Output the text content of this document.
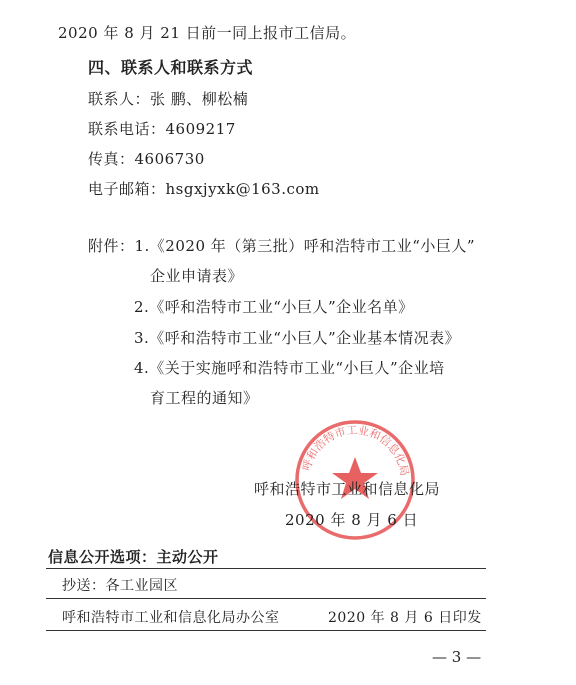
2020 年 8 月 21 日前一同上报市工信局。
四、联系人和联系方式
联系人：张 鹏、柳松楠
联系电话：4609217
传真：4606730
电子邮箱：hsgxjyxk@163.com
附件：1.《2020 年（第三批）呼和浩特市工业“小巨人”
企业申请表》
2.《呼和浩特市工业“小巨人”企业名单》
3.《呼和浩特市工业“小巨人”企业基本情况表》
4.《关于实施呼和浩特市工业“小巨人”企业培
育工程的通知》
呼和浩特市工业和信息化局
呼和浩特市工业和信息化局
2020 年 8 月 6 日
信息公开选项：主动公开
抄送：各工业园区
呼和浩特市工业和信息化局办公室	2020 年 8 月 6 日印发
— 3 —
